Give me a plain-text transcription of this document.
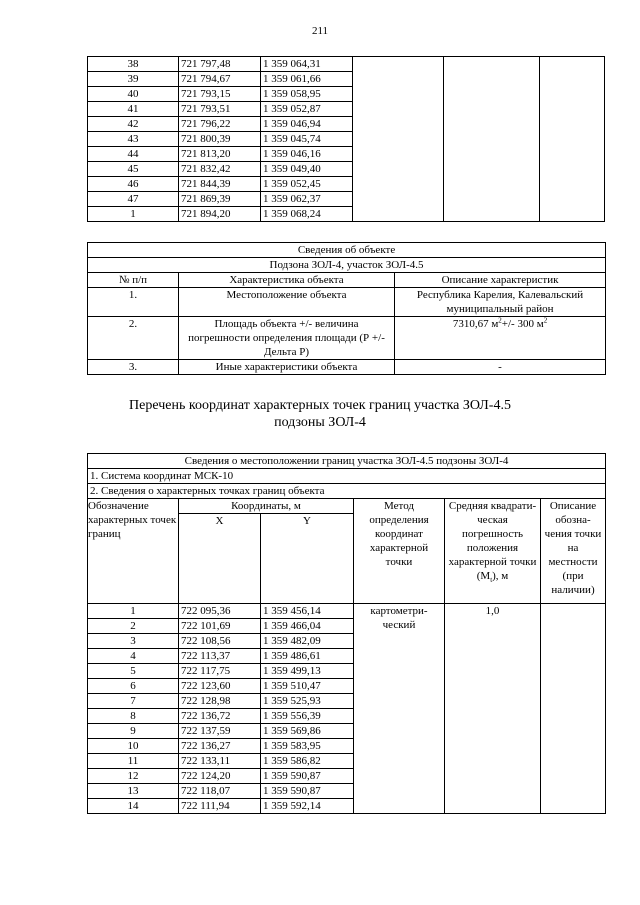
211
38	721 797,48	1 359 064,31			
39	721 794,67	1 359 061,66			
40	721 793,15	1 359 058,95			
41	721 793,51	1 359 052,87			
42	721 796,22	1 359 046,94			
43	721 800,39	1 359 045,74			
44	721 813,20	1 359 046,16			
45	721 832,42	1 359 049,40			
46	721 844,39	1 359 052,45			
47	721 869,39	1 359 062,37			
1	721 894,20	1 359 068,24			
Сведения об объекте		
Подзона ЗОЛ-4, участок ЗОЛ-4.5		
№ п/п	Характеристика объекта	Описание характеристик
1.	Местоположение объекта	Республика Карелия, Калевальский муниципальный район
2.	Площадь объекта +/- величина погрешности определения площади (Р +/- Дельта Р)	7310,67 $м^2+/-$ 300 $м^2$
3.	Иные характеристики объекта	-
Перечень координат характерных точек границ участка ЗОЛ-4.5
подзоны ЗОЛ-4
Сведения о местоположении границ участка ЗОЛ-4.5 подзоны ЗОЛ-4					
1. Система координат МСК-10					
2. Сведения о характерных точках границ объекта					
Обозначение характерных точек границ	Координаты, м		Метод определения координат характерной точки	Средняя квадрати-ческая погрешность положения характерной точки $(M_t)$, м	Описание обозна-чения точки на местности (при наличии)
	X	Y			
1	722 095,36	1 359 456,14	картометри-ческий	1,0	
2	722 101,69	1 359 466,04			
3	722 108,56	1 359 482,09			
4	722 113,37	1 359 486,61			
5	722 117,75	1 359 499,13			
6	722 123,60	1 359 510,47			
7	722 128,98	1 359 525,93			
8	722 136,72	1 359 556,39			
9	722 137,59	1 359 569,86			
10	722 136,27	1 359 583,95			
11	722 133,11	1 359 586,82			
12	722 124,20	1 359 590,87			
13	722 118,07	1 359 590,87			
14	722 111,94	1 359 592,14			
